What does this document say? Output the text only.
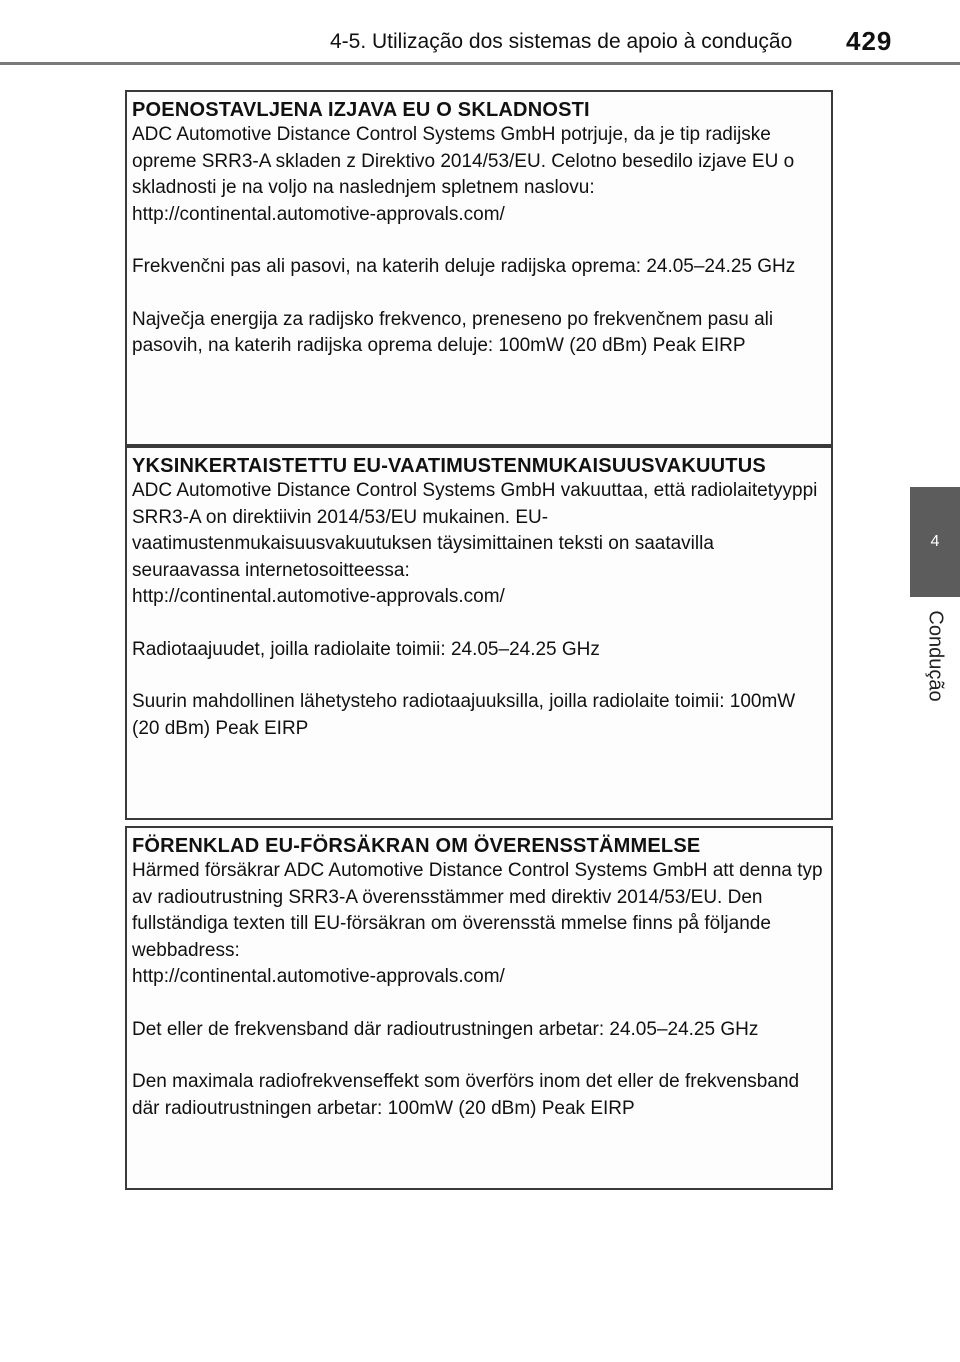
4-5. Utilização dos sistemas de apoio à condução 429
4
Condução
POENOSTAVLJENA IZJAVA EU O SKLADNOSTI

ADC Automotive Distance Control Systems GmbH potrjuje, da je tip radijske opreme SRR3-A skladen z Direktivo 2014/53/EU. Celotno besedilo izjave EU o skladnosti je na voljo na naslednjem spletnem naslovu:
http://continental.automotive-approvals.com/

Frekvenčni pas ali pasovi, na katerih deluje radijska oprema: 24.05–24.25 GHz

Največja energija za radijsko frekvenco, preneseno po frekvenčnem pasu ali pasovih, na katerih radijska oprema deluje: 100mW (20 dBm) Peak EIRP

YKSINKERTAISTETTU EU-VAATIMUSTENMUKAISUUSVAKUUTUS

ADC Automotive Distance Control Systems GmbH vakuuttaa, että radiolaitetyyppi SRR3-A on direktiivin 2014/53/EU mukainen. EU-vaatimustenmukaisuusvakuutuksen täysimittainen teksti on saatavilla seuraavassa internetosoitteessa:
http://continental.automotive-approvals.com/

Radiotaajuudet, joilla radiolaite toimii: 24.05–24.25 GHz

Suurin mahdollinen lähetysteho radiotaajuuksilla, joilla radiolaite toimii: 100mW (20 dBm) Peak EIRP

FÖRENKLAD EU-FÖRSÄKRAN OM ÖVERENSSTÄMMELSE

Härmed försäkrar ADC Automotive Distance Control Systems GmbH att denna typ av radioutrustning SRR3-A överensstämmer med direktiv 2014/53/EU. Den fullständiga texten till EU-försäkran om överensstä mmelse finns på följande webbadress:
http://continental.automotive-approvals.com/

Det eller de frekvensband där radioutrustningen arbetar: 24.05–24.25 GHz

Den maximala radiofrekvenseffekt som överförs inom det eller de frekvensband där radioutrustningen arbetar: 100mW (20 dBm) Peak EIRP
